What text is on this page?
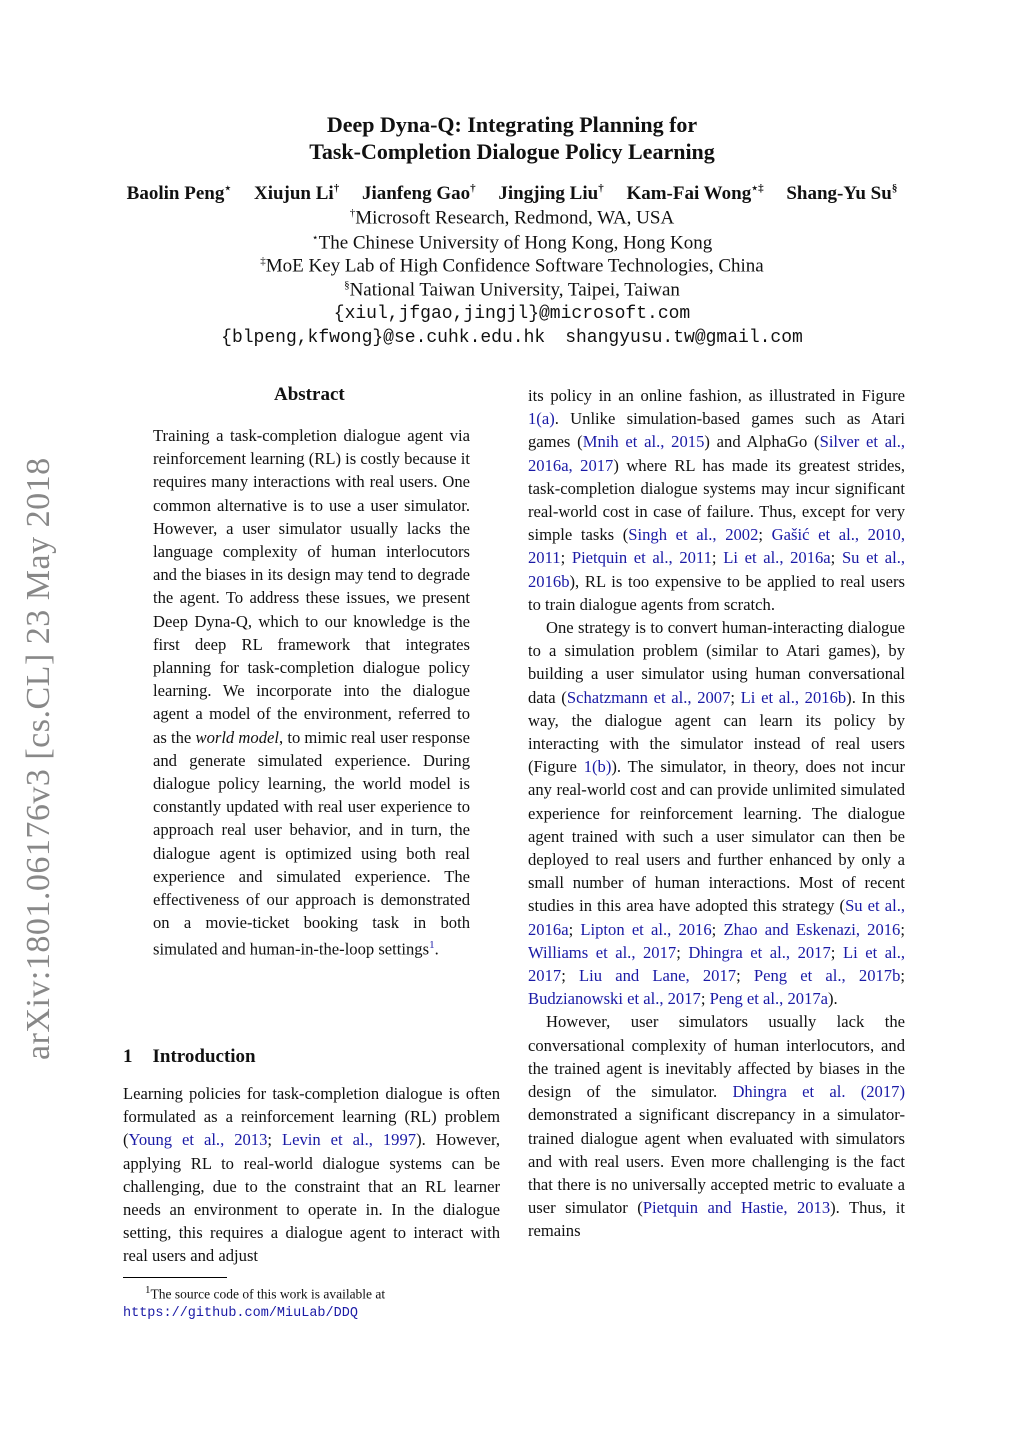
Deep Dyna-Q: Integrating Planning for
Task-Completion Dialogue Policy Learning
Baolin Peng⋆ Xiujun Li† Jianfeng Gao† Jingjing Liu† Kam-Fai Wong⋆‡ Shang-Yu Su§
†Microsoft Research, Redmond, WA, USA
⋆The Chinese University of Hong Kong, Hong Kong
‡MoE Key Lab of High Confidence Software Technologies, China
§National Taiwan University, Taipei, Taiwan
{xiul,jfgao,jingjl}@microsoft.com
{blpeng,kfwong}@se.cuhk.edu.hk shangyusu.tw@gmail.com
arXiv:1801.06176v3 [cs.CL] 23 May 2018
Abstract

Training a task-completion dialogue agent via reinforcement learning (RL) is costly because it requires many interactions with real users. One common alternative is to use a user simulator. However, a user simulator usually lacks the language complexity of human interlocutors and the biases in its design may tend to degrade the agent. To address these issues, we present Deep Dyna-Q, which to our knowledge is the first deep RL framework that integrates planning for task-completion dialogue policy learning. We incorporate into the dialogue agent a model of the environment, referred to as the world model, to mimic real user response and generate simulated experience. During dialogue policy learning, the world model is constantly updated with real user experience to approach real user behavior, and in turn, the dialogue agent is optimized using both real experience and simulated experience. The effectiveness of our approach is demonstrated on a movie-ticket booking task in both simulated and human-in-the-loop settings$^1$.

1 Introduction

Learning policies for task-completion dialogue is often formulated as a reinforcement learning (RL) problem (Young et al., 2013; Levin et al., 1997). However, applying RL to real-world dialogue systems can be challenging, due to the constraint that an RL learner needs an environment to operate in. In the dialogue setting, this requires a dialogue agent to interact with real users and adjust

$^1$The source code of this work is available at https://github.com/MiuLab/DDQ

its policy in an online fashion, as illustrated in Figure 1(a). Unlike simulation-based games such as Atari games (Mnih et al., 2015) and AlphaGo (Silver et al., 2016a, 2017) where RL has made its greatest strides, task-completion dialogue systems may incur significant real-world cost in case of failure. Thus, except for very simple tasks (Singh et al., 2002; Gašić et al., 2010, 2011; Pietquin et al., 2011; Li et al., 2016a; Su et al., 2016b), RL is too expensive to be applied to real users to train dialogue agents from scratch.

One strategy is to convert human-interacting dialogue to a simulation problem (similar to Atari games), by building a user simulator using human conversational data (Schatzmann et al., 2007; Li et al., 2016b). In this way, the dialogue agent can learn its policy by interacting with the simulator instead of real users (Figure 1(b)). The simulator, in theory, does not incur any real-world cost and can provide unlimited simulated experience for reinforcement learning. The dialogue agent trained with such a user simulator can then be deployed to real users and further enhanced by only a small number of human interactions. Most of recent studies in this area have adopted this strategy (Su et al., 2016a; Lipton et al., 2016; Zhao and Eskenazi, 2016; Williams et al., 2017; Dhingra et al., 2017; Li et al., 2017; Liu and Lane, 2017; Peng et al., 2017b; Budzianowski et al., 2017; Peng et al., 2017a).

However, user simulators usually lack the conversational complexity of human interlocutors, and the trained agent is inevitably affected by biases in the design of the simulator. Dhingra et al. (2017) demonstrated a significant discrepancy in a simulator-trained dialogue agent when evaluated with simulators and with real users. Even more challenging is the fact that there is no universally accepted metric to evaluate a user simulator (Pietquin and Hastie, 2013). Thus, it remains
